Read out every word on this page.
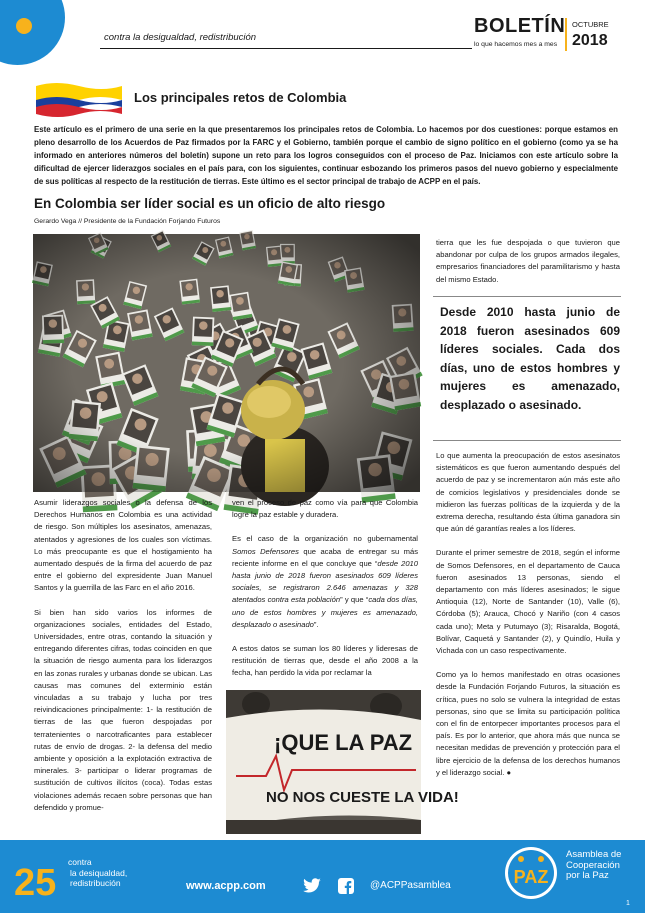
contra la desigualdad, redistribución
BOLETÍN
lo que hacemos mes a mes
OCTUBRE
2018
Los principales retos de Colombia
Este artículo es el primero de una serie en la que presentaremos los principales retos de Colombia. Lo hacemos por dos cuestiones: porque estamos en pleno desarrollo de los Acuerdos de Paz firmados por la FARC y el Gobierno, también porque el cambio de signo político en el gobierno (como ya se ha informado en anteriores números del boletín) supone un reto para los logros conseguidos con el proceso de Paz. Iniciamos con este artículo sobre la dificultad de ejercer liderazgos sociales en el país para, con los siguientes, continuar esbozando los primeros pasos del nuevo gobierno y especialmente de sus políticas al respecto de la restitución de tierras. Este último es el sector principal de trabajo de ACPP en el país.
En Colombia ser líder social es un oficio de alto riesgo
Gerardo Vega // Presidente de la Fundación Forjando Futuros

Asumir liderazgos sociales o la defensa de los Derechos Humanos en Colombia es una actividad de riesgo. Son múltiples los asesinatos, amenazas, atentados y agresiones de los cuales son víctimas. Lo más preocupante es que el hostigamiento ha aumentado después de la firma del acuerdo de paz entre el gobierno del expresidente Juan Manuel Santos y la guerrilla de las Farc en el año 2016.

Si bien han sido varios los informes de organizaciones sociales, entidades del Estado, Universidades, entre otras, contando la situación y entregando diferentes cifras, todas coinciden en que la situación de riesgo aumenta para los liderazgos en las zonas rurales y urbanas donde se ubican. Las causas mas comunes del exterminio están vinculadas a su trabajo y lucha por tres reivindicaciones principalmente: 1- la restitución de tierras de las que fueron despojadas por terratenientes o narcotraficantes para establecer rutas de envío de drogas. 2- la defensa del medio ambiente y oposición a la explotación extractiva de minerales. 3- participar o liderar programas de sustitución de cultivos ilícitos (coca). Todas estas violaciones además recaen sobre personas que han defendido y promue-

ven el proceso de paz como vía para que Colombia logre la paz estable y duradera.

Es el caso de la organización no gubernamental Somos Defensores que acaba de entregar su más reciente informe en el que concluye que “desde 2010 hasta junio de 2018 fueron asesinados 609 líderes sociales, se registraron 2.646 amenazas y 328 atentados contra esta población” y que “cada dos días, uno de estos hombres y mujeres es amenazado, desplazado o asesinado”.

A estos datos se suman los 80 líderes y lideresas de restitución de tierras que, desde el año 2008 a la fecha, han perdido la vida por reclamar la

¡QUE LA PAZ
NO NOS CUESTE LA VIDA!
tierra que les fue despojada o que tuvieron que abandonar por culpa de los grupos armados ilegales, empresarios financiadores del paramilitarismo y hasta del mismo Estado.
Desde 2010 hasta junio de 2018 fueron asesinados 609 líderes sociales. Cada dos días, uno de estos hombres y mujeres es amenazado, desplazado o asesinado.

Lo que aumenta la preocupación de estos asesinatos sistemáticos es que fueron aumentando después del acuerdo de paz y se incrementaron aún más este año de comicios legislativos y presidenciales donde se midieron las fuerzas políticas de la izquierda y de la extrema derecha, resultando ésta última ganadora sin que aún dé garantías reales a los líderes.

Durante el primer semestre de 2018, según el informe de Somos Defensores, en el departamento de Cauca fueron asesinados 13 personas, siendo el departamento con más líderes asesinados; le sigue Antioquia (12), Norte de Santander (10), Valle (6), Córdoba (5); Arauca, Chocó y Nariño (con 4 casos cada uno); Meta y Putumayo (3); Risaralda, Bogotá, Bolívar, Caquetá y Santander (2), y Quindío, Huila y Vichada con un caso respectivamente.

Como ya lo hemos manifestado en otras ocasiones desde la Fundación Forjando Futuros, la situación es crítica, pues no solo se vulnera la integridad de estas personas, sino que se limita su participación política con el fin de entorpecer importantes procesos para el país. Es por lo anterior, que ahora más que nunca se necesitan medidas de prevención y protección para el libre ejercicio de la defensa de los derechos humanos y el liderazgo social. ●

25 contra
la desiqualdad,
redistribución	www.acpp.com	@ACPPasamblea	PAZ
Asamblea de
Cooperación
por la Paz
1
